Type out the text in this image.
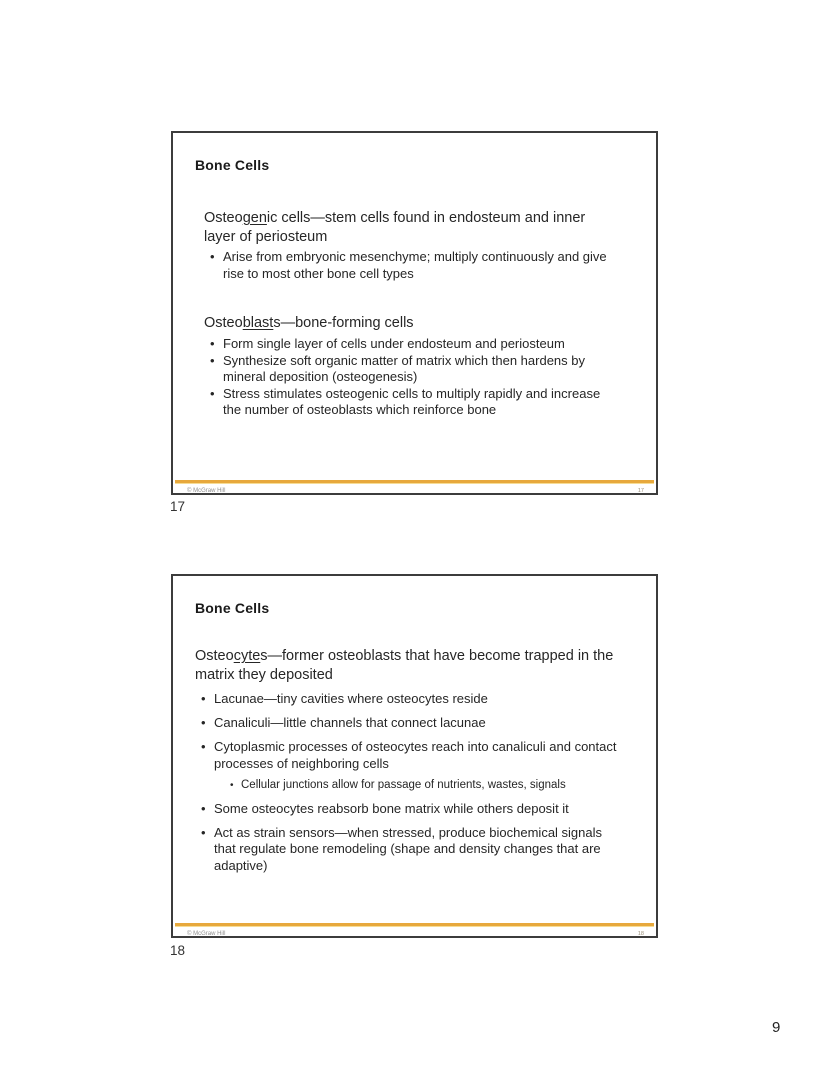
Bone Cells
Osteogenic cells—stem cells found in endosteum and inner layer of periosteum
• Arise from embryonic mesenchyme; multiply continuously and give rise to most other bone cell types
Osteoblasts—bone-forming cells
• Form single layer of cells under endosteum and periosteum
• Synthesize soft organic matter of matrix which then hardens by mineral deposition (osteogenesis)
• Stress stimulates osteogenic cells to multiply rapidly and increase the number of osteoblasts which reinforce bone
© McGraw Hill	17
17
Bone Cells
Osteocytes—former osteoblasts that have become trapped in the matrix they deposited
• Lacunae—tiny cavities where osteocytes reside
• Canaliculi—little channels that connect lacunae
• Cytoplasmic processes of osteocytes reach into canaliculi and contact processes of neighboring cells
• Cellular junctions allow for passage of nutrients, wastes, signals
• Some osteocytes reabsorb bone matrix while others deposit it
• Act as strain sensors—when stressed, produce biochemical signals that regulate bone remodeling (shape and density changes that are adaptive)
© McGraw Hill	18
18
9
